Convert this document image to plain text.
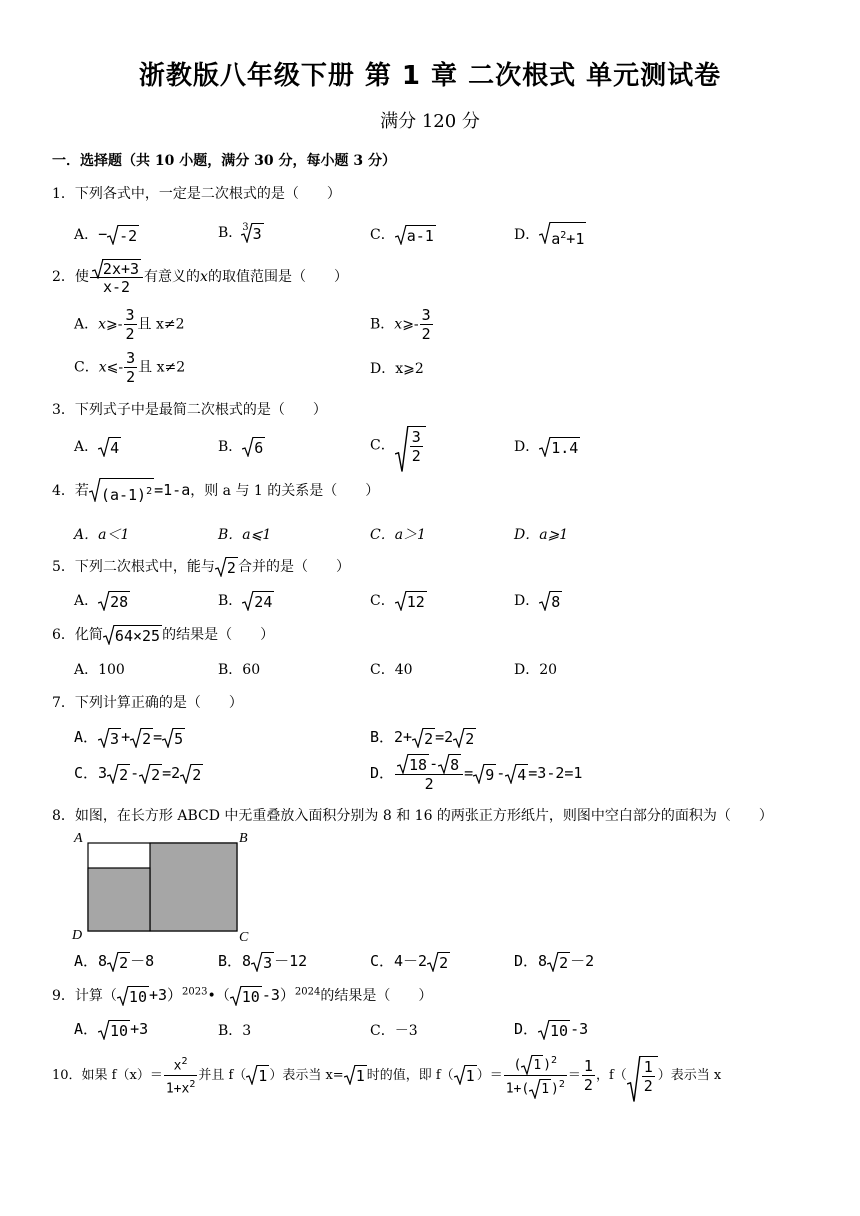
浙教版八年级下册 第 1 章 二次根式 单元测试卷
满分 120 分
一．选择题（共 10 小题，满分 30 分，每小题 3 分）
1．下列各式中，一定是二次根式的是（　　）
A．− -2	B．$^3$ 3	C． a-1	D． $a^2+1$
2．使 $\frac{2x+3}{x-2}$ 有意义的x的取值范围是（　　）
A．x⩾- $\frac{3}{2}$ 且 x≠2	B．x⩾- $\frac{3}{2}$
C．x⩽- $\frac{3}{2}$ 且 x≠2	D．x⩾2
3．下列式子中是最简二次根式的是（　　）
A． 4	B． 6	C． $\frac{3}{2}$	D． 1.4
4．若 $(a-1)^2 =1-a$，则 a 与 1 的关系是（　　）
A．a＜1	B．a⩽1	C．a＞1	D．a⩾1
5．下列二次根式中，能与 2 合并的是（　　）
A． 28	B． 24	C． 12	D． 8
6．化简 64×25 的结果是（　　）
A．100	B．60	C．40	D．20
7．下列计算正确的是（　　）
A． 3 + 2 = 5	B．2+ 2 =2 2
C．3 2 - 2 =2 2	D． $\frac{18 - 8}{2} = 9 - 4 =3-2=1$
8．如图，在长方形 ABCD 中无重叠放入面积分别为 8 和 16 的两张正方形纸片，则图中空白部分的面积为（　　）
A	B
C
D
A．8 2 －8	B．8 3 －12	C．4－2 2	D．8 2 －2
9．计算（ 10 +3）$^{2023}$•（ 10 -3）$^{2024}$的结果是（　　）
A． 10 +3	B．3	C．－3	D． 10 -3
10．如果 $f(x)= \frac{x^2}{1+x^2}$ 并且 f（ 1 ）表示当 x= 1 时的值，即 f（ 1 ）＝ $\frac{( 1 )^2}{1+( 1 )^2} = \frac{1}{2}$ ，$f( \frac{1}{2}$ ）表示当 x
